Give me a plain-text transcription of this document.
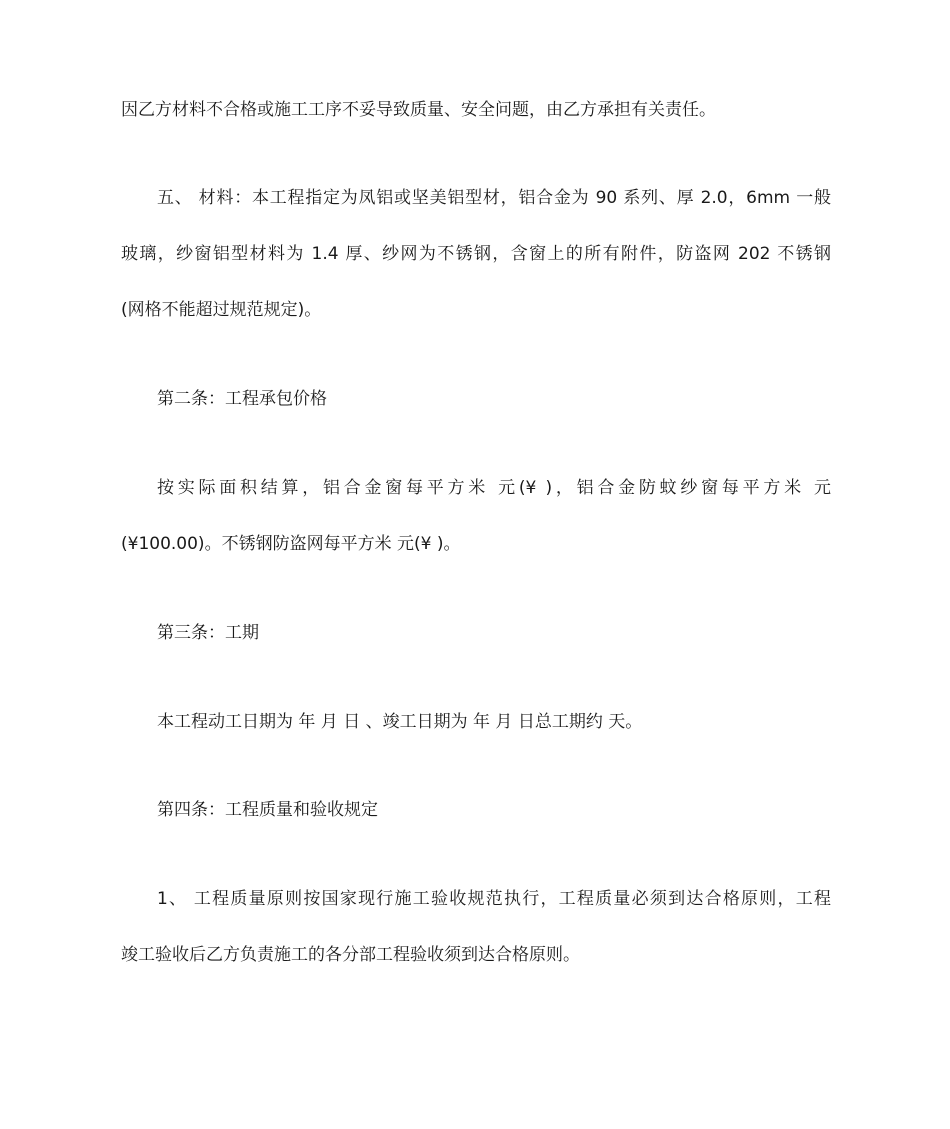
因乙方材料不合格或施工工序不妥导致质量、安全问题，由乙方承担有关责任。
五、 材料：本工程指定为凤铝或坚美铝型材，铝合金为 90 系列、厚 2.0，6mm 一般
玻璃，纱窗铝型材料为 1.4 厚、纱网为不锈钢，含窗上的所有附件，防盗网 202 不锈钢
(网格不能超过规范规定)。
第二条：工程承包价格
按实际面积结算，铝合金窗每平方米 元(¥ )，铝合金防蚊纱窗每平方米 元
(¥100.00)。不锈钢防盗网每平方米 元(¥ )。
第三条：工期
本工程动工日期为 年 月 日 、竣工日期为 年 月 日总工期约 天。
第四条：工程质量和验收规定
1、 工程质量原则按国家现行施工验收规范执行，工程质量必须到达合格原则，工程
竣工验收后乙方负责施工的各分部工程验收须到达合格原则。
